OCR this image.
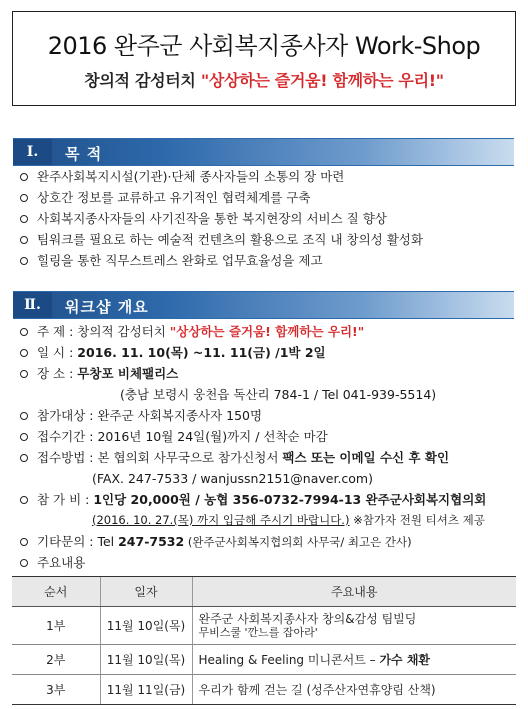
2016 완주군 사회복지종사자 Work-Shop
창의적 감성터치 "상상하는 즐거움! 함께하는 우리!"
Ⅰ.	목 적
완주사회복지시설(기관)·단체 종사자들의 소통의 장 마련
상호간 정보를 교류하고 유기적인 협력체계를 구축
사회복지종사자들의 사기진작을 통한 복지현장의 서비스 질 향상
팀워크를 필요로 하는 예술적 컨텐츠의 활용으로 조직 내 창의성 활성화
힐링을 통한 직무스트레스 완화로 업무효율성을 제고
Ⅱ.	워크샵 개요
주 제 : 창의적 감성터치 "상상하는 즐거움! 함께하는 우리!"
일 시 : 2016. 11. 10(목) ~11. 11(금) /1박 2일
장 소 : 무창포 비체팰리스
(충남 보령시 웅천읍 독산리 784-1 / Tel 041-939-5514)
참가대상 : 완주군 사회복지종사자 150명
접수기간 : 2016년 10월 24일(월)까지 / 선착순 마감
접수방법 : 본 협의회 사무국으로 참가신청서 팩스 또는 이메일 수신 후 확인
(FAX. 247-7533 / wanjussn2151@naver.com)
참 가 비 : 1인당 20,000원 / 농협 356-0732-7994-13 완주군사회복지협의회
(2016. 10. 27.(목) 까지 입금해 주시기 바랍니다.) ※참가자 전원 티셔츠 제공
기타문의 : Tel 247-7532 (완주군사회복지협의회 사무국/ 최고은 간사)
주요내용
순서	일자	주요내용
1부	11월 10일(목)	완주군 사회복지종사자 창의&감성 팀빌딩
무비스쿨 '깐느를 잡아라'

2부	11월 10일(목)	Healing & Feeling 미니콘서트 – 가수 채환
3부	11월 11일(금)	우리가 함께 걷는 길 (성주산자연휴양림 산책)
